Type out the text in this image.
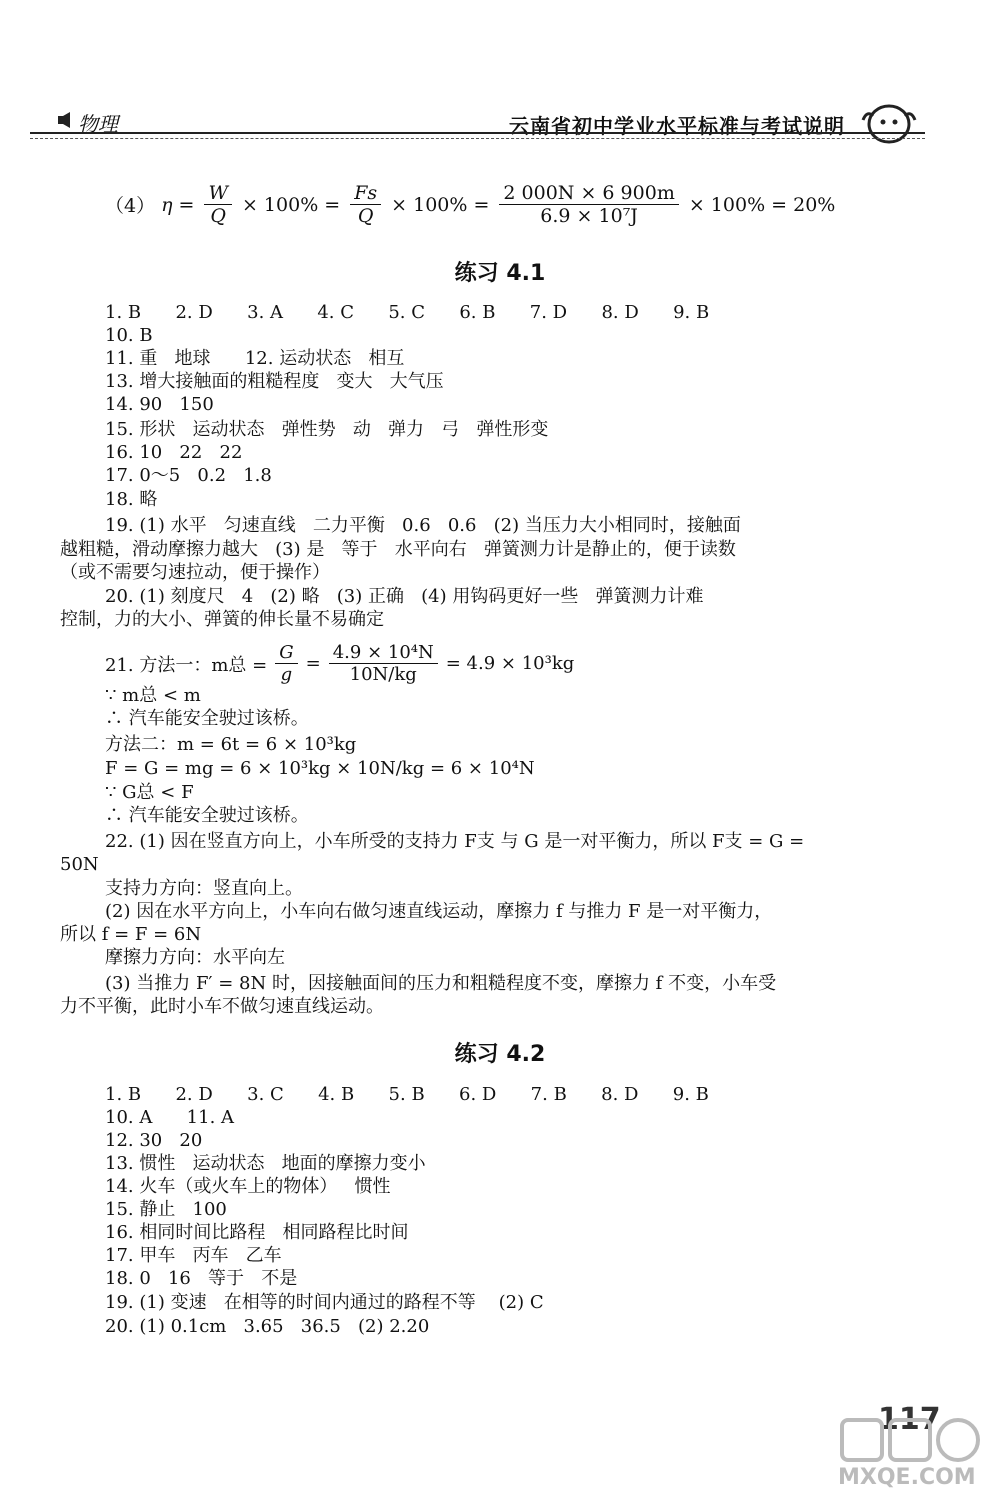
物理	云南省初中学业水平标准与考试说明
（4） $\eta = \frac{W}{Q} \times 100\% = \frac{Fs}{Q} \times 100\% = \frac{2 000N \times 6 900m}{\text{6.9 × 10⁷J}} \times 100\% = 20\%$
练习 4.1
1. B      2. D      3. A      4. C      5. C      6. B      7. D      8. D      9. B
10. B
11. 重   地球      12. 运动状态   相互
13. 增大接触面的粗糙程度   变大   大气压
14. 90   150
15. 形状   运动状态   弹性势   动   弹力   弓   弹性形变
16. 10   22   22
17. 0～5   0.2   1.8
18. 略
19. (1) 水平   匀速直线   二力平衡   0.6   0.6   (2) 当压力大小相同时，接触面
越粗糙，滑动摩擦力越大   (3) 是   等于   水平向右   弹簧测力计是静止的，便于读数
（或不需要匀速拉动，便于操作）
20. (1) 刻度尺   4   (2) 略   (3) 正确   (4) 用钩码更好一些   弹簧测力计难
控制，力的大小、弹簧的伸长量不易确定
21. 方法一：m总 = $\frac{G}{g} = \frac{\text{4.9 × 10⁴N}}{10N/kg} = 4.9 \times 10^3kg$
∵ m总 < m
∴ 汽车能安全驶过该桥。
方法二：m = 6t = 6 × 10³kg
F = G = mg = 6 × 10³kg × 10N/kg = 6 × 10⁴N
∵ G总 < F
∴ 汽车能安全驶过该桥。
22. (1) 因在竖直方向上，小车所受的支持力 F支 与 G 是一对平衡力，所以 F支 = G =
50N
支持力方向：竖直向上。
(2) 因在水平方向上，小车向右做匀速直线运动，摩擦力 f 与推力 F 是一对平衡力，
所以 f = F = 6N
摩擦力方向：水平向左
(3) 当推力 F′ = 8N 时，因接触面间的压力和粗糙程度不变，摩擦力 f 不变，小车受
力不平衡，此时小车不做匀速直线运动。
练习 4.2
1. B      2. D      3. C      4. B      5. B      6. D      7. B      8. D      9. B
10. A      11. A
12. 30   20
13. 惯性   运动状态   地面的摩擦力变小
14. 火车（或火车上的物体）   惯性
15. 静止   100
16. 相同时间比路程   相同路程比时间
17. 甲车   丙车   乙车
18. 0   16   等于   不是
19. (1) 变速   在相等的时间内通过的路程不等    (2) C
20. (1) 0.1cm   3.65   36.5   (2) 2.20
117
MXQE.COM
